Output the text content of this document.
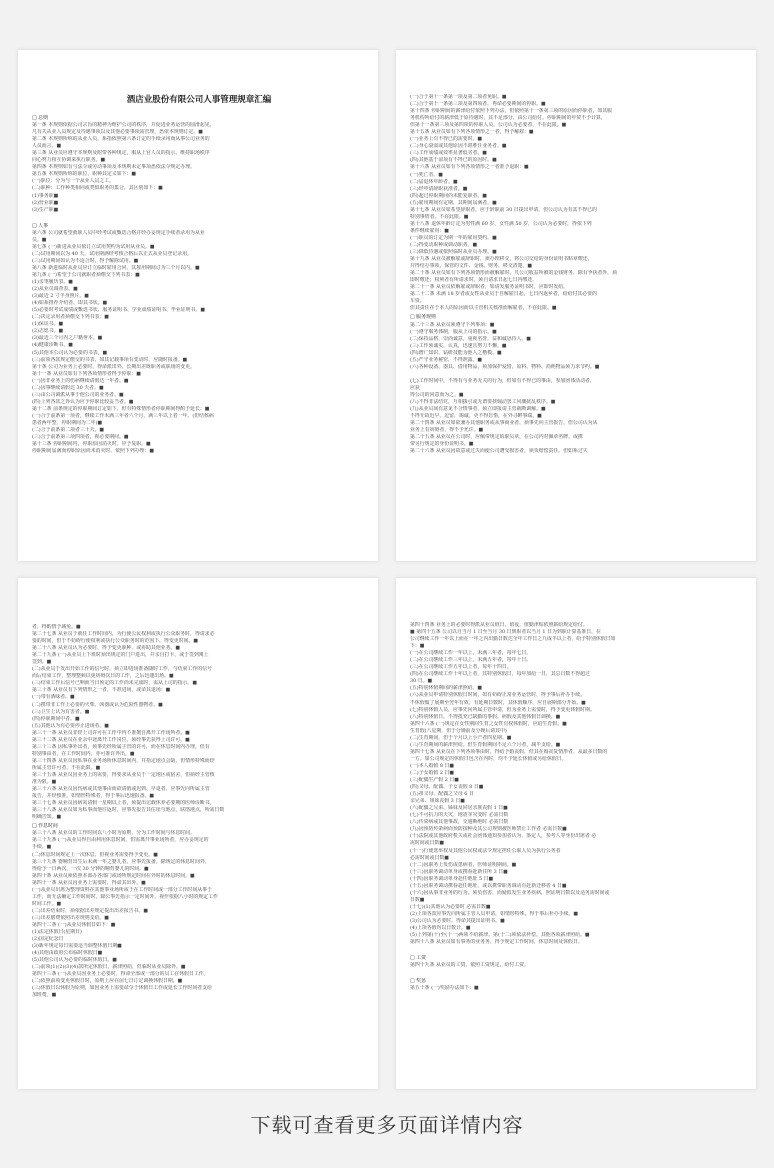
酒店业股份有限公司人事管理规章汇编
□ 总则
第一条 本规则依据公司宗旨的精神为维护公司的秩序，并促进业务运营的圆滑起见，
凡有关从业人员规定及待遇事项以及其他必要事项需管理，悉依本规则订定。■
第二条 本规则所称的从业人员，系指依照第六条订定的手续录用而从事公司业务的
人员而言。■
第三条 从业员应遵守本规则及附带各种规定，服从上官人员的指示，维持职场秩序
同心努力相互协调来执行职务。■
第四条 本规则如有与法令或劳动事项及本规则未定事项悉依法令规定办理。
第五条 本规则所称的职位，职种其定义如下：■
(一)职位：分为与一个从业人员之工。
(二)职种：工作种类相同或类似职务的集合，其区别如下：■
(1)事务职■
(2)营业职■
(3)生产职■
□ 人事
第六条 公司就希望就职人员中经考试或甄选合格并经办妥规定手续者录用为从业
员。■
第七条 (一)新进从业员依订立试用契约为试用从业员。■
(二)试用期间以为 40 天，试用期满经考核合格后以正式从业员登记录用。
(三)试用期间如认为不适合时，得予解除试用。■
第八条 新进临时从业员应订立临时雇用合同，其雇用期间订为三个月以内。■
第九条 (一)希望于公司就职者须缴交下列书表：■
(1)亲笔履历表。■
(2)从业员调查表。■
(3)最近 2 寸半身照片。■
(4)如系推荐介绍者，即其书状。■
(5)必要时考试成绩或甄选书状、服务证明书、学业成绩证明书、毕业证明书。■
(二)决定录用者须缴交下列书表：■
(1)保证书。■
(2)志愿书。■
(3)最近三个月内之户籍誊本。■
(4)健康诊断书。■
(5)其他本公司认为必要的书表。■
(三)前项各款规定缴交的书表，如其记载事项有变动时，应随时报备。■
第十条 公司为业务上必要时，得命派出外，长期出差既职务或职场的变更。
第十一条 从业员如有下列各项情形者得予停职：■
(一)因非业务上的伤病继续请假达一年者。■
(二)因事继续请假达 30 天者。■
(三)由公司调派从事于他公司的业务者。■
(四)上列各款之外认为应予停职比较妥当者。■
第十二条 前条规定的停职期间订定如下，但有特殊情形者停职期间得酌予延长：■
(一)合于前条第一项者，继续工作未满三年者六个月，满三年以上者一年。(但结核病
患者两年整，停职期间为二年)■
(二)合于前条第二项者三十天。■
(三)合于前条第三项四项者，视必要期间。■
第十三条 停职期间内，停职原因消灭时，应予复职。■
停职期间届满而停职原因尚未消灭时，依照下列办理：■
(一)合于第十一条第一项及第二项者免职。■
(二)合于第十一条第三项及第四项者，再命必要期间的停职。■
第十四条 停职期间的薪津给付依照下列办法，但依照第十一条第三项的原因而停职者，如其服
务机构所给付的薪津低于原待遇时，其不足部分，由公司给付。停职期间的年资不予计算，
但第十一条第三项及第四项的停职人员，公司认为必要者，不在此限。■
第十五条 从业员如有下列各项情形之一者，得予解雇：■
(一)业务上有不得已的需要时。■
(二)身心衰弱或其他原因不堪胜任业务者。■
(三)工作成绩或效率显著低劣者。■
(四)其他基于前项有不得已的原因时。■
第十六条 从业员如有下列各项情形之一者准予退职：■
(一)死亡者。■
(二)届退休年龄者。■
(三)经申请辞职获准者。■
(四)超过停职期间尚未能复职者。■
(五)雇用期间有定期，其期间届满者。■
第十七条 从业员如希望辞职者，应于辞职前 30 日提出申请，但公司认为有其不得已的
特别事情者，不在此限。■
第十八条 退休年龄订定为男性满 60 岁，女性满 50 岁，公司认为必要时，得依下列
条件继续雇用：■
(一)职员的订定为期一年的雇用契约。■
(二)得变动职种或调动职务。■
(三)降低待遇或依照临时从业员办理。■
第十九条 从业员被解雇或辞职时，须办理移交，将公司交给的身份证明书贴章缴还，
并得结办事项，保管的文件、金钱、财务，移交清楚。■
第二十条 从业员如有下列各项情形而被解雇时，凡公司收益所被的金钱财务，除有争执者外，须
即时缴还；权利者有所请求时，须自请求日起七日内缴还。
第二十一条 从业员依解雇或辞职者，如请发服务证明书时，应即时发给。
第二十二条 未满 18 岁者或女性从业员于自解雇日起，七日内返乡者，给给付其必要的
车资。
但其责任在于本人的原因而以主管机关核准而解雇者，不在此限。■
□ 服务规则
第二十三条 从业员须遵守下列事项：■
(一)遵守服务体制，服从上司的指示。■
(二)保持品格，崇尚诚意，重视名誉，益和诚恳待人。■
(三)工作须诚实，认真，迅速且努力不懈。■
(四)增广知识，钻研技能为他人之楷模。■
(五)严守业务秘密，不得泄露。■
(六)各种设备、器具、借用物品，须加保护爱惜，原料、物料、消耗物品须力求节约。■
(七)工作时间中，不得有与业务无关的行为，但如有不得已的事由，参加团体活动者，
应获
得公司的同意而为之。■
(八)不得非法结党，互相援引或无谓要挟煽动罢工风潮扰乱秩序。■
(九)从业员间有意见不合情事者，须立即报请主管裁断调解。■
不得无故迟早，逗留，竭诚，更不得怠惰，在外寻衅事端。■
第二十四条 从业员如欲兼办其他职务或从事商业者，须事先向主管报告，但公司认为从
业务上有妨碍者，得不予允许。■
第二十五条 从业员在公司时，应佩带规定的职员章，在公司内对佩章名牌。或携
带另行规定的身份证明书。■
第二十六条 从业员因故意或过失而使公司遭受损害者，须负赔偿责任。但如系过失
者，得酌情予减免。■
第二十七条 从业员于就任工作时间内，为行使公民权利或执行公众职务时，得请求必
要的时间，但于不妨碍行使权利或执行公众职务时的范围下，得变更时间。■
第二十八条 从业员认为必要时，得予变更职种，或协助其他业务。■
第二十九条 (一)从业员上下班时须出规定的门户进出，并亲自打卡，或于签到簿上
签到。■
(二)从业员于发出开始工作的信号时，须立即进场准备随时工作，与结束工作的信号
而后结束工作，整理整顿以免妨碍次日的工作，之后迅速出场。■
(三)结束工作后信号已响而当日预定的工作尚未完成时，需从上司的指示。■
第三十条 从业员有下列情形之一者，不准进场，或命其退场：■
(一)带有酒味者。■
(二)携带非工作上必要的火柴、凶器或认为危险性器物者。■
(三)卫生上认为有害者。■
(四)停职期间中者。■
(五)其他认为有必要停止进场者。■
第三十一条 从业员非经上司许可在工作中内不准擅自离开工作场所者。■
第三十二条 从业员在业余中途离开工作岗位，须经事先获得上司许可。■
第三十三条 因私事外出者，须事先经所属主管的许可，而在休息时间内办理，但有
特别事由者，在工作时间内，亦可准许外出。■
第三十四条 从业员因私事在业务场所休息时间内，并指定地点会晤，但情形特殊而经
所属主管许可者，不在此限。■
第三十五条 从业员因业务上的需要，得要求从业员于一定地区或宿舍，但须经主管核
准为限。■
第三十六条 从业员因伤病或其他事由而欲请假或迟到、早退者，应事先向所属主管
报告，并经核准，如情形特殊者，得于事后迅速报备。■
第三十七条 从业员因病需请假一星期以上者，须提出记载休养必要期的医师诊断书。
第三十八条 从业员如为私事而他往返时，应事先报告其住址与地点，联络地点，所需日数
明确告知。■
□ 作息时间
第三十八条 从业员的工作时间以八小时为原则，分为工作时间与休息时间。
第三十九条 (一)从业员得自由利用休息时间，但需离开事业场所者，应办妥规定的
手续。■
(二)休息时间规定上一次休息，但视业务需要得予变更。■
第三十九条 婴哺育出生后未满一年之婴儿者，应事先报备，除规定的休息时间外，
得给予一日两次，一次 30 分钟的哺育婴儿的时间。■
第四十条 从业员须依照本部办各部门或场所规定时间在外时的休息时间。■
第四十一条 从业员因业务上需要时，得命其出外。■
(一)从业员出席为整理资料在其他事业场所或于在工作时间或一部分工作时间从事于
工作，而无法确定工作时间时，除公事先指示一定时间外，视作依据八小时的规定工作
时间工作。■
(二)出差结束时，须依据出差规定提出出差报告书。■
(三)出差膳费依照出差规则支给。■
第四十二条 (一)从业员休假日如下：■
(1)法定休假日(星期日)
(2)国定纪念日
(3)新年规定每日需要适当调整休假日期■
(4)其他由政府公布临时休假日■
(5)其他公司认为必要的临时休假日。■
(二)前项(1)(2)(3)(4)款所定休假日，薪津照给，但临时从业员除外。■
第四十三条 (一)从业员因业务上必要时，得命全部或一部分的员工在休假日工作。
(二)依照前项变更休假日时，原则上应在前七日订定调换休假日期。■
(三)休假日以休假为原则，如因业务上需要命令于休假日工作或延长工作时间者支给
加班费。■
第四十四条 业务上的必要时得派从业员值日、值夜。值勤津贴依照薪给规定给付。
■ 第四十五条 公司以自当月 1 日至当月 30 日到职者以当月 1 日为到职计算基准日，在
公司继续工作一年以上而在一年之内出勤日数达全年工作日之九成半以上者，给予特别休假日如
下：■
(一)在公司继续工作一年以上，未满三年者，每年七日。
(二)在公司继续工作三年以上，未满五年者，每年十日。
(三)在公司继续工作五年以上者，每年十四日。
(四)在公司继续工作十年以上者，其特别休假日，每年加给一日，其总日数不得超过
30 日。■
(五)特别休假期间的薪津照给。■
(六)从业员申请特别休假日时间，如有妨碍正常业务运营时，得予事后补办手续。
不休假做了展期至翌年有效，有延期日数时，其休假顺序，应自展期部分开始。■
(七)特别休假人员，应事先向所属主管申请，但为业务上需要时，得予变更休假时期。
(八)特别休假日，不得抵充已缺勤的事假。病假及其他休假日调换。■
第四十六条 (一)规定在女性期间生育之女性有权休假时，应给生育假。■
生育假(八星期，但于分娩前及分娩后请其中)
(二)生育期间，但于个月以上小产者四星期。■
(三)生育期间的薪津照给。但生育假期间不足六个月者，减半支给。■
第四十七条 从业员在下列各项事由时，得给予婚丧假，但其在婚丧复情形者，从最多日数的
一方。如公司规定的休假日包含在内时，均不予延长休假或另给休假日。
(一)本人婚假 8 日■
(二)子女婚假 2 日■
(三)配偶生产假 2 日■
(四)父母、配偶、子女丧假 8 日■
(五)祖父母、配偶之父母 6 日
亲兄弟、姐妹丧假 3 日■
(六)配偶之兄弟、姊妹及同居亲族丧假 1 日■
(七)不可抗力的天灾，地震等灾变时 必需日数
(八)传染病或其他事故，交通断绝时 必需日数
(九)因预防传染病而预防接种及其公司规则被医师禁止工作者 必需日数■
(十)法院或其他政府机关或社会团体通知参加者认为，鉴定人，参考人等身份出席者 必
需时间或日数■
(十一)行使选举权及其他公民权或法令规定担任公职人员为执行公务者
必需时间或日数■
(十二)因职务上负伤或患病者，医师证明期间。■
(十三)因职务调动单身或携眷赴新住所 3 日■
(十四)因职务调动单身赴任地址 5 日■
(十五)因职务调动携眷赴任地址，或以携带职务调动有赴新迁移者 4 日■
(十六)因从事非业务的行为，须负伤害，而疑似发生业务疾病，照证明日数以及适务需时间或
日数■
(十七)(1)其他认为必要时 必需日数■
(2)上项各款应事先向所属主管人员申请，如情形特殊，得于事后补办手续。■
(3)公司认为必要时，得命其提出证明书。■
(4)上项各假均以日数计。■
(5)上列第(十)至(十一)两项不给薪津。第(十二)项依法补偿。其他各项薪津照给。■
第四十八条 从业员如有事务的业务务，得予规定工作时间，休息时间及休假日。
□ 工资
第四十九条 从业员的工资，依照工资规定，给付工资。
□ 奖惩
第五十条 (一)奖励办法如下：■
下载可查看更多页面详情内容
